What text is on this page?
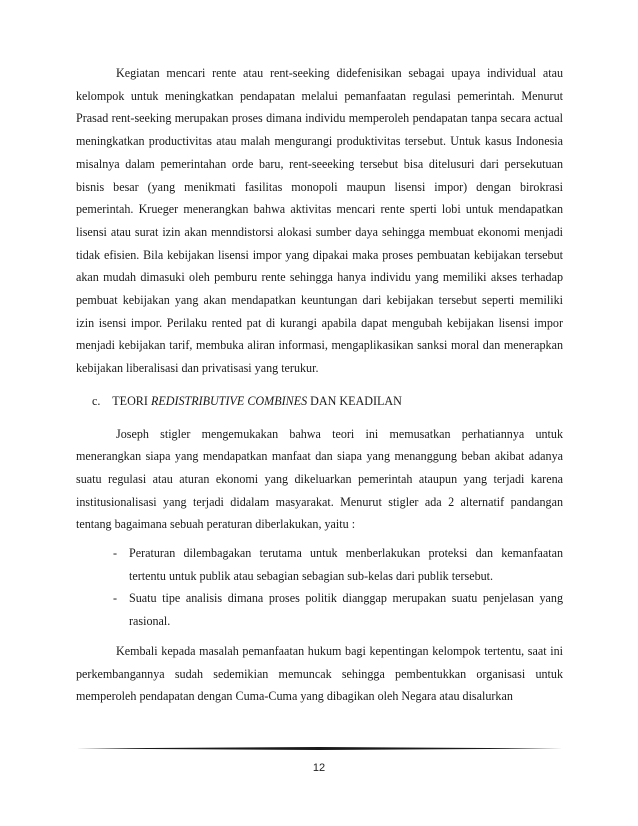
Kegiatan mencari rente atau rent-seeking didefenisikan sebagai upaya individual atau kelompok untuk meningkatkan pendapatan melalui pemanfaatan regulasi pemerintah. Menurut Prasad rent-seeking merupakan proses dimana individu memperoleh pendapatan tanpa secara actual meningkatkan productivitas atau malah mengurangi produktivitas tersebut. Untuk kasus Indonesia misalnya dalam pemerintahan orde baru, rent-seeeking tersebut bisa ditelusuri dari persekutuan bisnis besar (yang menikmati fasilitas monopoli maupun lisensi impor) dengan birokrasi pemerintah. Krueger menerangkan bahwa aktivitas mencari rente sperti lobi untuk mendapatkan lisensi atau surat izin akan menndistorsi alokasi sumber daya sehingga membuat ekonomi menjadi tidak efisien. Bila kebijakan lisensi impor yang dipakai maka proses pembuatan kebijakan tersebut akan mudah dimasuki oleh pemburu rente sehingga hanya individu yang memiliki akses terhadap pembuat kebijakan yang akan mendapatkan keuntungan dari kebijakan tersebut seperti memiliki izin isensi impor. Perilaku rented pat di kurangi apabila dapat mengubah kebijakan lisensi impor menjadi kebijakan tarif, membuka aliran informasi, mengaplikasikan sanksi moral dan menerapkan kebijakan liberalisasi dan privatisasi yang terukur.

c. TEORI REDISTRIBUTIVE COMBINES DAN KEADILAN

Joseph stigler mengemukakan bahwa teori ini memusatkan perhatiannya untuk menerangkan siapa yang mendapatkan manfaat dan siapa yang menanggung beban akibat adanya suatu regulasi atau aturan ekonomi yang dikeluarkan pemerintah ataupun yang terjadi karena institusionalisasi yang terjadi didalam masyarakat. Menurut stigler ada 2 alternatif pandangan tentang bagaimana sebuah peraturan diberlakukan, yaitu :

- Peraturan dilembagakan terutama untuk menberlakukan proteksi dan kemanfaatan tertentu untuk publik atau sebagian sebagian sub-kelas dari publik tersebut.
- Suatu tipe analisis dimana proses politik dianggap merupakan suatu penjelasan yang rasional.

Kembali kepada masalah pemanfaatan hukum bagi kepentingan kelompok tertentu, saat ini perkembangannya sudah sedemikian memuncak sehingga pembentukkan organisasi untuk memperoleh pendapatan dengan Cuma-Cuma yang dibagikan oleh Negara atau disalurkan

12
